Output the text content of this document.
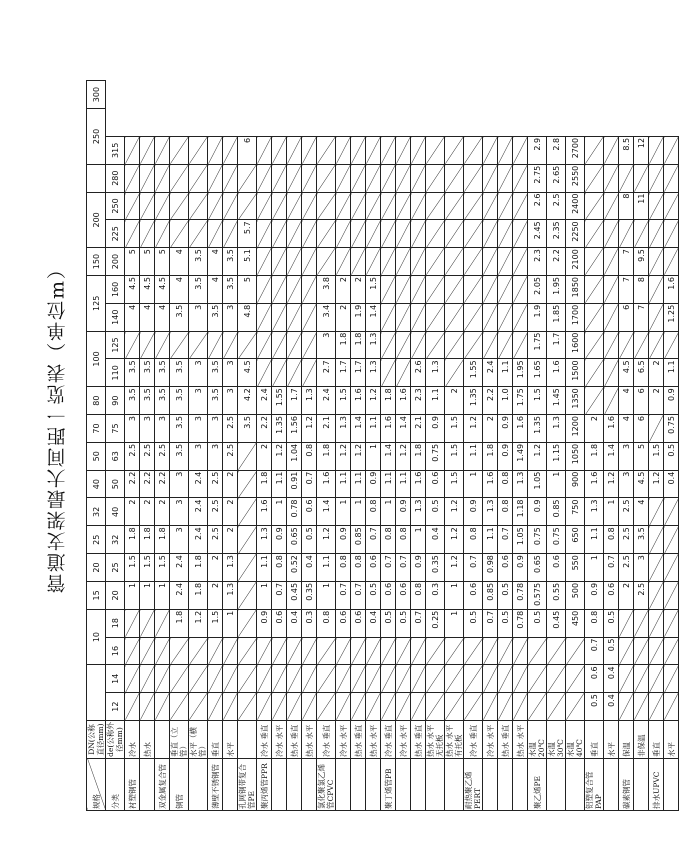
管道支架最大间距一览表（单位m）
规格	DN(公称直径mm)			10		15	20	25	32	40	50	70	80	100		125		150	200			250	300
分类	de(公称外径mm)	12	14	16	18	20	25	32	40	50	63	75	90	110	125	140	160	200	225	250	280	315	
衬塑钢管	冷水					1	1.5	1.8	2	2.2	2.5	3	3.5	3.5		4	4.5	5					
	热水					1	1.5	1.8	2	2.2	2.5	3	3.5	3.5		4	4.5	5					
双金属复合管						1	1.5	1.8	2	2.2	2.5	3	3.5	3.5		4	4.5	5					
铜管	垂直（立管）				1.8	2.4	2.4	3	3	3	3.5	3.5	3.5	3.5		3.5	4	4					
	水平（横管）				1.2	1.8	1.8	2.4	2.4	2.4	3	3	3	3		3	3.5	3.5					
薄壁不锈钢管	垂直				1.5	2	2	2.5	2.5	2.5	3	3	3.5	3.5		3.5	4	4					
	水平				1	1.3	1.3	2	2	2	2.5	2.5	3	3		3	3.5	3.5					
孔网钢带复合管PE												3.5	4.2	4.5		4.8	5	5.1	5.7			6	
聚丙烯管PPR	冷水 垂直				0.9	1	1.1	1.3	1.6	1.8	2	2.2	2.4										
	冷水 水平				0.6	0.7	0.8	0.9	1	1.1	1.2	1.35	1.55										
	热水 垂直				0.4	0.45	0.52	0.65	0.78	0.91	1.04	1.56	1.7										
	热水 水平				0.3	0.35	0.4	0.5	0.6	0.7	0.8	1.2	1.3										
氯化聚氯乙烯管CPVC	冷水 垂直				0.8	1	1.1	1.2	1.4	1.6	1.8	2.1	2.4	2.7	3	3.4	3.8						
	冷水 水平				0.6	0.7	0.8	0.9	1	1.1	1.2	1.3	1.5	1.7	1.8	2	2						
	热水 垂直				0.6	0.7	0.8	0.85	1	1.1	1.2	1.4	1.6	1.7	1.8	1.9	2						
	热水 水平				0.4	0.5	0.6	0.7	0.8	0.9	1	1.1	1.2	1.3	1.3	1.4	1.5						
聚丁烯管PB	冷水 垂直				0.5	0.6	0.7	0.8	1	1.1	1.4	1.6	1.8										
	冷水 水平				0.5	0.6	0.7	0.8	0.9	1.1	1.2	1.4	1.6										
	热水 垂直				0.7	0.8	0.9	1	1.3	1.6	1.8	2.1	2.3	2.6									
	热水 水平 无托板				0.25	0.3	0.35	0.4	0.5	0.6	0.75	0.9	1.1	1.3									
	热水 水平 有托板				1	1	1.2	1.2	1.2	1.5	1.5	1.5	2										
耐热聚乙烯PERT	冷水 垂直				0.5	0.6	0.7	0.8	0.9	1	1.1	1.2	1.35	1.55									
	冷水 水平				0.7	0.85	0.98	1.1	1.3	1.6	1.8	2	2.2	2.4									
	热水 垂直				0.5	0.5	0.6	0.7	0.8	0.8	0.9	0.9	1.0	1.1									
	热水 水平				0.78	0.78	0.9	1.05	1.18	1.3	1.49	1.6	1.75	1.95									
聚乙烯PE	水温 20℃				0.5	0.575	0.65	0.75	0.9	1.05	1.2	1.35	1.5	1.65	1.75	1.9	2.05	2.3	2.45	2.6	2.75	2.9	
	水温 30℃				0.45	0.55	0.6	0.75	0.85	1	1.15	1.3	1.45	1.6	1.7	1.85	1.95	2.2	2.35	2.5	2.65	2.8	
	水温 40℃				450	500	550	650	750	900	1050	1200	1350	1500	1600	1700	1850	2100	2250	2400	2550	2700	
铝塑复合管PAP	垂直	0.5	0.6	0.7	0.8	0.9	1	1.1	1.3	1.6	1.8	2											
	水平	0.4	0.4	0.5	0.5	0.6	0.7	0.8	1	1.2	1.4	1.6											
碳素钢管	保温					2	2.5	2.5	2.5	3	3	4	4	4.5		6	7	7		8		8.5	
	非保温					2.5	3	3.5	4	4.5	5	6	6	6.5		7	8	9.5		11		12	
排水UPVC	垂直									1.2	1.5		2	2									
	水平									0.4	0.5	0.75	0.9	1.1		1.25	1.6						
